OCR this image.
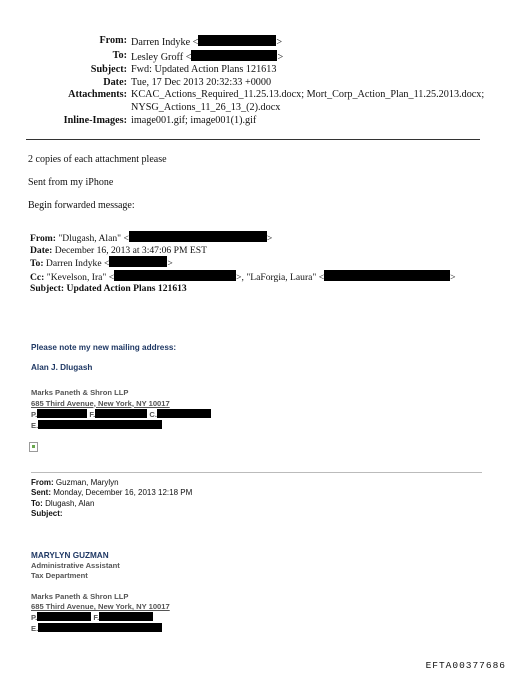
From: Darren Indyke <	>
To: Lesley Groff <	>
Subject: Fwd: Updated Action Plans 121613
Date: Tue, 17 Dec 2013 20:32:33 +0000
Attachments: KCAC_Actions_Required_11.25.13.docx; Mort_Corp_Action_Plan_11.25.2013.docx;
NYSG_Actions_11_26_13_(2).docx
Inline-Images: image001.gif; image001(1).gif
2 copies of each attachment please
Sent from my iPhone
Begin forwarded message:
From: "Dlugash, Alan" <	>
Date: December 16, 2013 at 3:47:06 PM EST
To: Darren Indyke <	>
Cc: "Kevelson, Ira" <	>, "LaForgia, Laura" <	>
Subject: Updated Action Plans 121613
Please note my new mailing address:
Alan J. Dlugash
Marks Paneth & Shron LLP
685 Third Avenue, New York, NY 10017
P.	F.	C.
E.
From: Guzman, Marylyn
Sent: Monday, December 16, 2013 12:18 PM
To: Dlugash, Alan
Subject:
MARYLYN GUZMAN
Administrative Assistant
Tax Department
Marks Paneth & Shron LLP
685 Third Avenue, New York, NY 10017
P.	F.
E.
EFTA00377686
